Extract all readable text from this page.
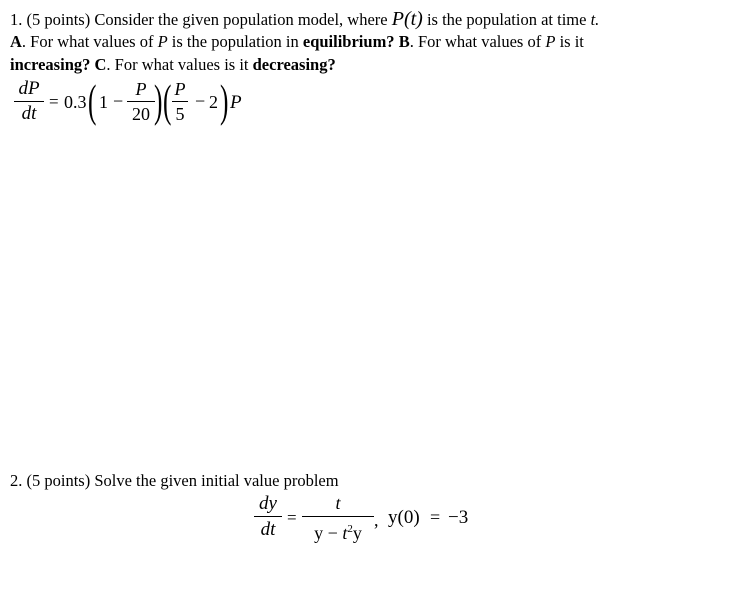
1. (5 points) Consider the given population model, where P(t) is the population at time t.
A. For what values of P is the population in equilibrium? B. For what values of P is it
increasing? C. For what values is it decreasing?
dP
dt
= 0.3 ( 1 −
P
20 ) ( P
5
− 2 ) P
2. (5 points) Solve the given initial value problem
dy
dt
=
t
$y - t^2y$
, y(0) = −3
